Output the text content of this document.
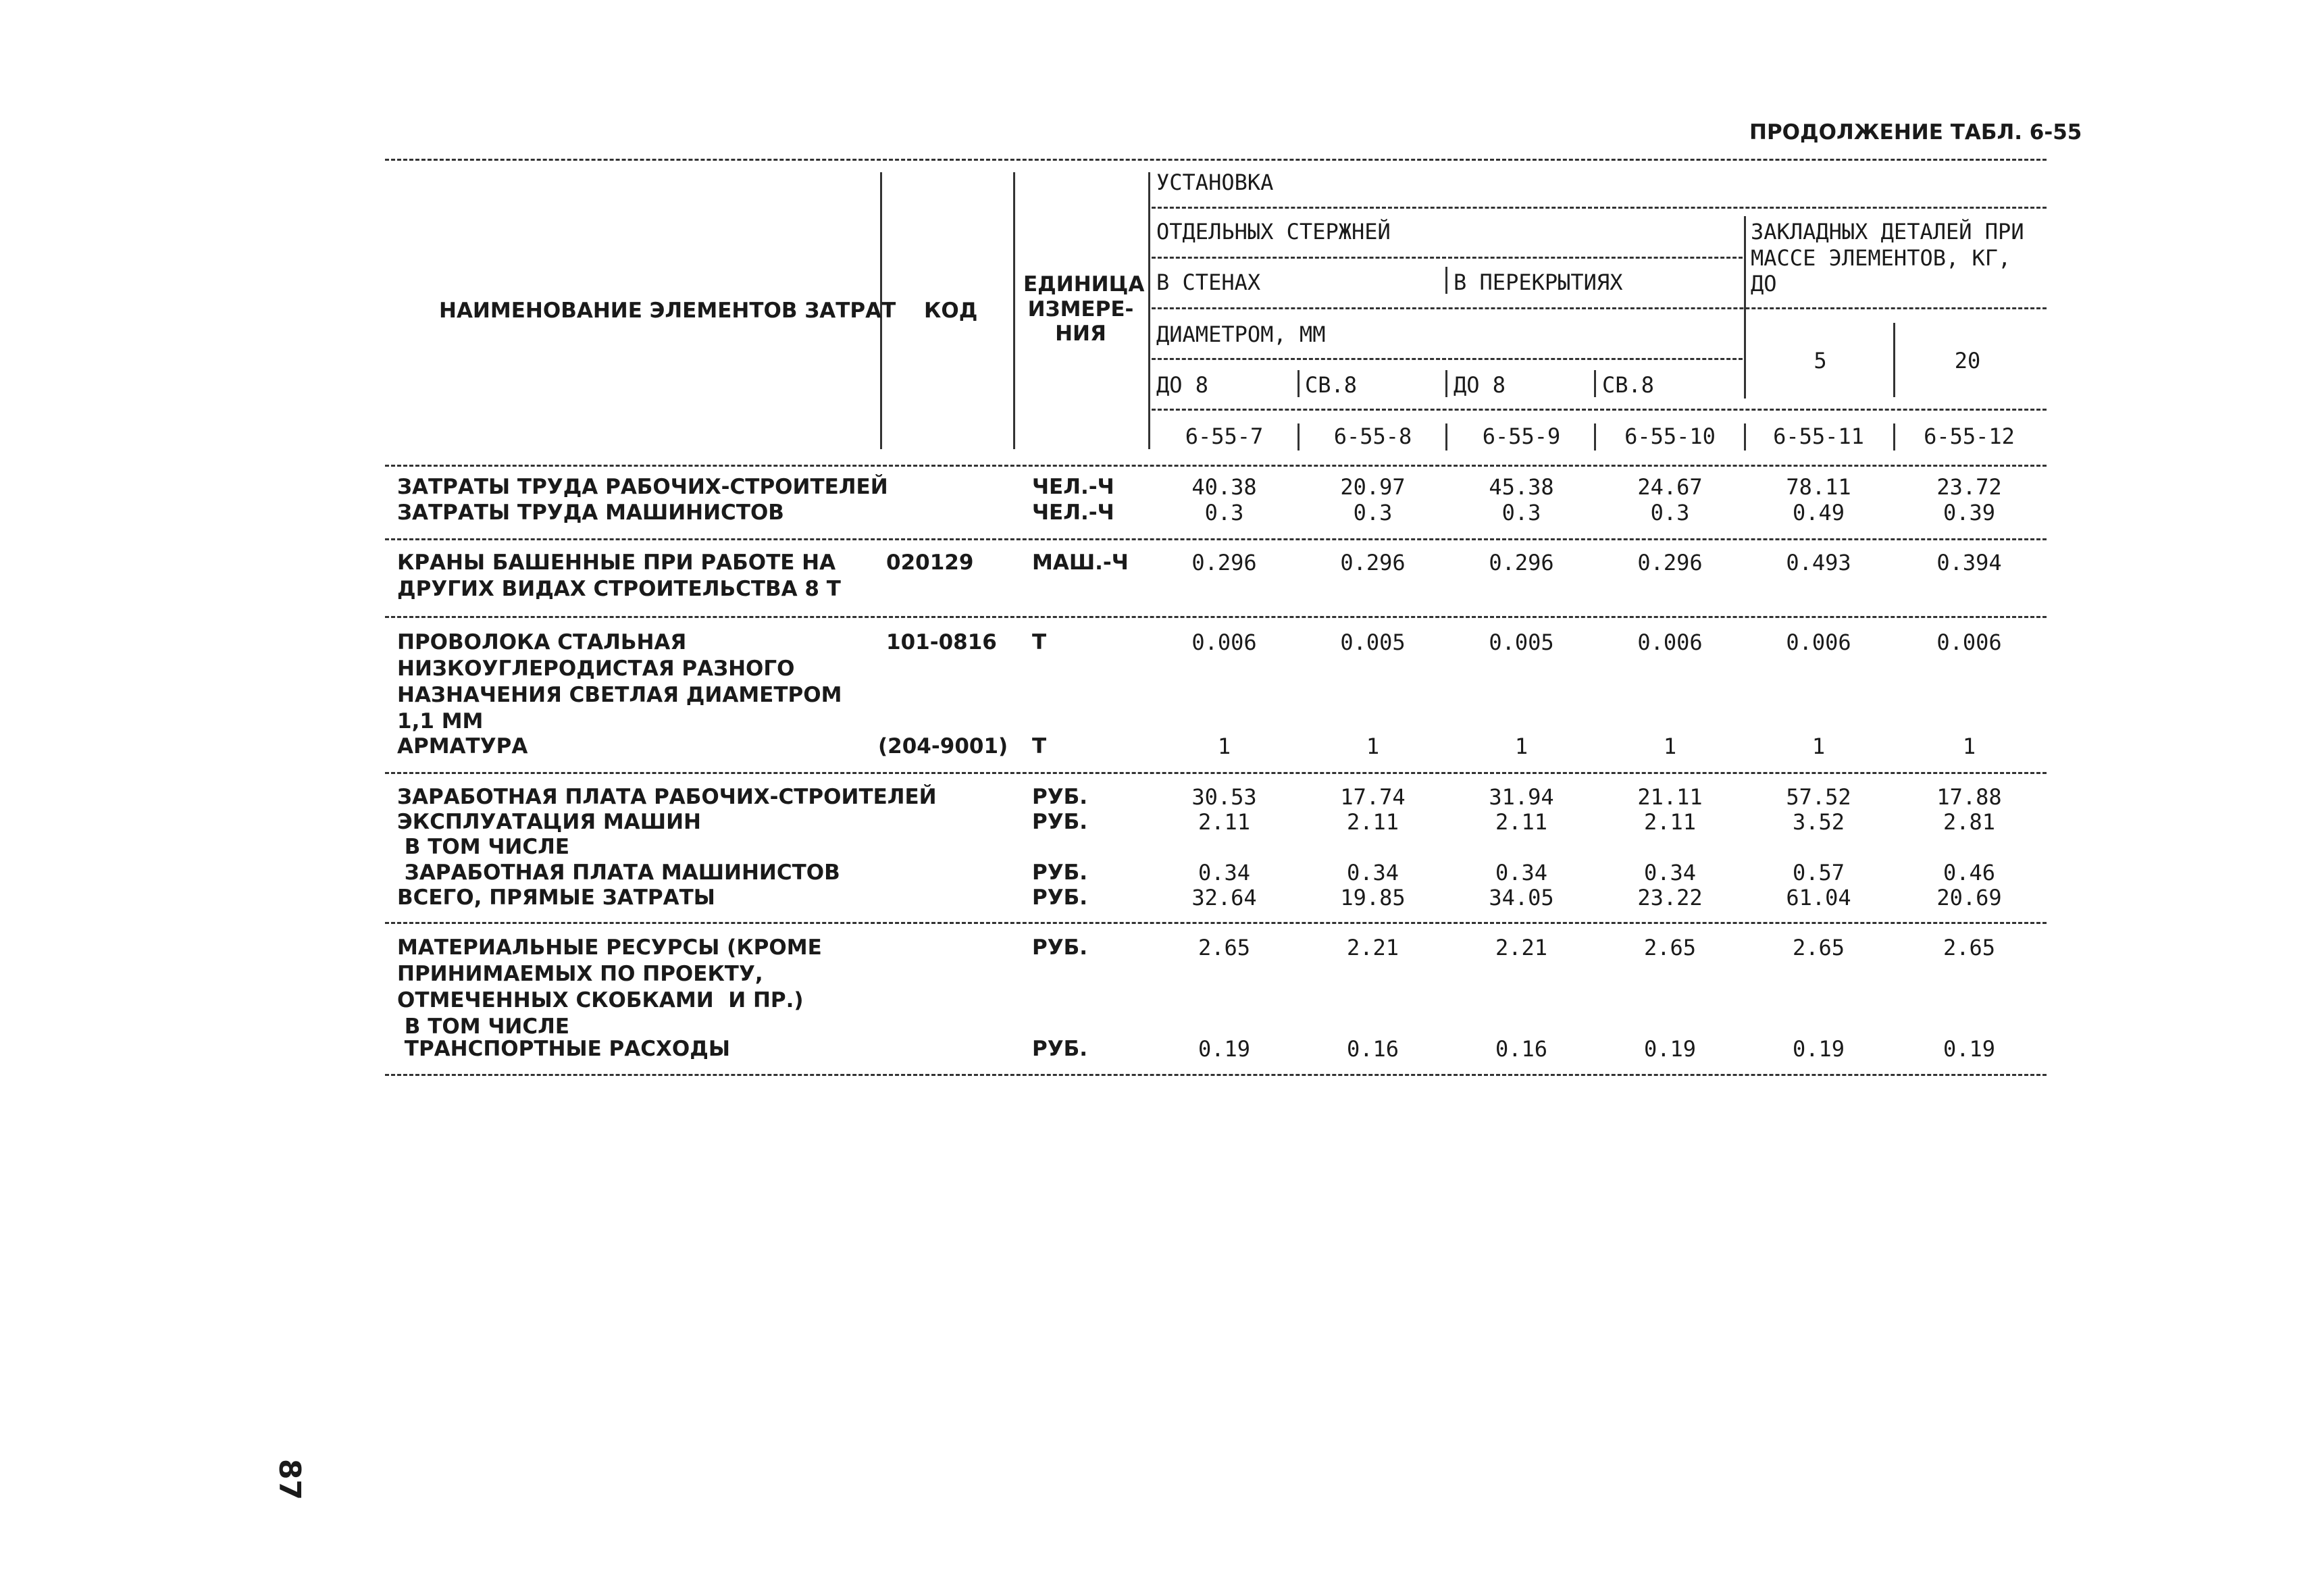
ПРОДОЛЖЕНИЕ ТАБЛ. 6-55
87
НАИМЕНОВАНИЕ ЭЛЕМЕНТОВ ЗАТРАТ КОД
ЕДИНИЦА
ИЗМЕРЕ-
НИЯ
УСТАНОВКА
ОТДЕЛЬНЫХ СТЕРЖНЕЙ	ЗАКЛАДНЫХ ДЕТАЛЕЙ ПРИ
МАССЕ ЭЛЕМЕНТОВ, КГ,
ДО
В СТЕНАХ	В ПЕРЕКРЫТИЯХ
ДИАМЕТРОМ, ММ
ДО 8	СВ.8	ДО 8	СВ.8
5	20
6-55-7	6-55-8	6-55-9	6-55-10	6-55-11	6-55-12
ЗАТРАТЫ ТРУДА РАБОЧИХ-СТРОИТЕЛЕЙ	ЧЕЛ.-Ч	40.38	20.97	45.38	24.67	78.11	23.72
ЗАТРАТЫ ТРУДА МАШИНИСТОВ	ЧЕЛ.-Ч	0.3	0.3	0.3	0.3	0.49	0.39
КРАНЫ БАШЕННЫЕ ПРИ РАБОТЕ НА
ДРУГИХ ВИДАХ СТРОИТЕЛЬСТВА 8 Т
020129	МАШ.-Ч	0.296	0.296	0.296	0.296	0.493	0.394
ПРОВОЛОКА СТАЛЬНАЯ
НИЗКОУГЛЕРОДИСТАЯ РАЗНОГО
НАЗНАЧЕНИЯ СВЕТЛАЯ ДИАМЕТРОМ
1,1 ММ
101-0816 Т	0.006	0.005	0.005	0.006	0.006	0.006
АРМАТУРА	(204-9001) Т	1	1	1	1	1	1
ЗАРАБОТНАЯ ПЛАТА РАБОЧИХ-СТРОИТЕЛЕЙ	РУБ.	30.53	17.74	31.94	21.11	57.52	17.88
ЭКСПЛУАТАЦИЯ МАШИН	РУБ.	2.11	2.11	2.11	2.11	3.52	2.81
В ТОМ ЧИСЛЕ
ЗАРАБОТНАЯ ПЛАТА МАШИНИСТОВ	РУБ.	0.34	0.34	0.34	0.34	0.57	0.46
ВСЕГО, ПРЯМЫЕ ЗАТРАТЫ	РУБ.	32.64	19.85	34.05	23.22	61.04	20.69
МАТЕРИАЛЬНЫЕ РЕСУРСЫ (КРОМЕ
ПРИНИМАЕМЫХ ПО ПРОЕКТУ,
ОТМЕЧЕННЫХ СКОБКАМИ  И ПР.)
В ТОМ ЧИСЛЕ
РУБ.	2.65	2.21	2.21	2.65	2.65	2.65
ТРАНСПОРТНЫЕ РАСХОДЫ	РУБ.	0.19	0.16	0.16	0.19	0.19	0.19
